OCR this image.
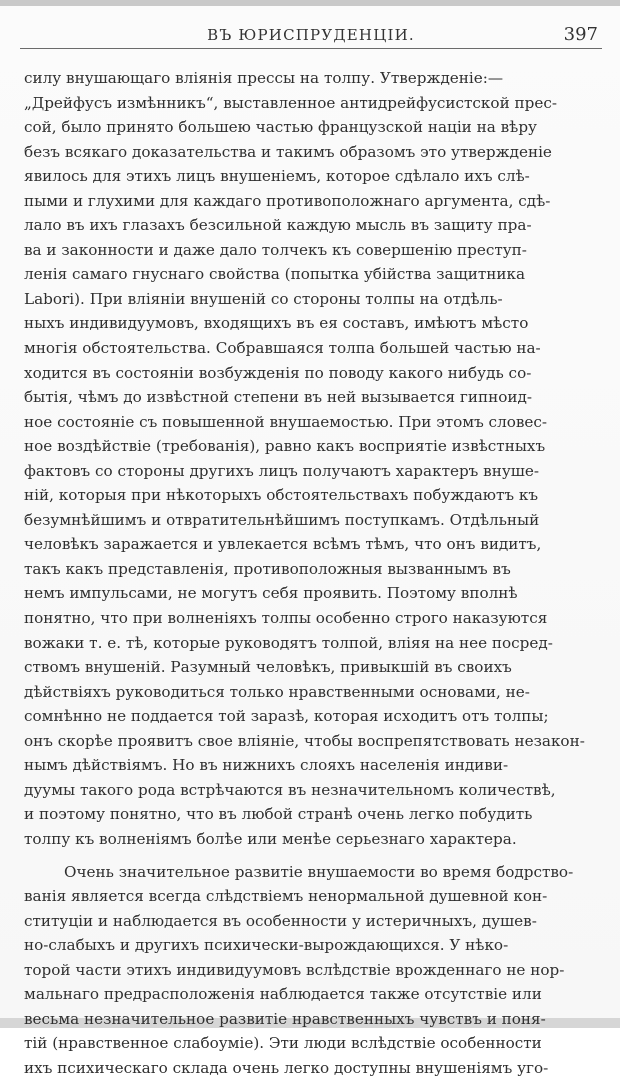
ВЪ ЮРИСПРУДЕНЦІИ.	397
силу внушающаго вліянія прессы на толпу. Утвержденіе:—
„Дрейфусъ измѣнникъ“, выставленное антидрейфусистской прес-
сой, было принято большею частью французской націи на вѣру
безъ всякаго доказательства и такимъ образомъ это утвержденіе
явилось для этихъ лицъ внушеніемъ, которое сдѣлало ихъ слѣ-
пыми и глухими для каждаго противоположнаго аргумента, сдѣ-
лало въ ихъ глазахъ безсильной каждую мысль въ защиту пра-
ва и законности и даже дало толчекъ къ совершенію преступ-
ленія самаго гнуснаго свойства (попытка убійства защитника
Labori). При вліяніи внушеній со стороны толпы на отдѣль-
ныхъ индивидуумовъ, входящихъ въ ея составъ, имѣютъ мѣсто
многія обстоятельства. Собравшаяся толпа большей частью на-
ходится въ состояніи возбужденія по поводу какого нибудь со-
бытія, чѣмъ до извѣстной степени въ ней вызывается гипноид-
ное состояніе съ повышенной внушаемостью. При этомъ словес-
ное воздѣйствіе (требованія), равно какъ восприятіе извѣстныхъ
фактовъ со стороны другихъ лицъ получаютъ характеръ внуше-
ній, которыя при нѣкоторыхъ обстоятельствахъ побуждаютъ къ
безумнѣйшимъ и отвратительнѣйшимъ поступкамъ. Отдѣльный
человѣкъ заражается и увлекается всѣмъ тѣмъ, что онъ видитъ,
такъ какъ представленія, противоположныя вызваннымъ въ
немъ импульсами, не могутъ себя проявить. Поэтому вполнѣ
понятно, что при волненіяхъ толпы особенно строго наказуются
вожаки т. е. тѣ, которые руководятъ толпой, вліяя на нее посред-
ствомъ внушеній. Разумный человѣкъ, привыкшій въ своихъ
дѣйствіяхъ руководиться только нравственными основами, не-
сомнѣнно не поддается той заразѣ, которая исходитъ отъ толпы;
онъ скорѣе проявитъ свое вліяніе, чтобы воспрепятствовать незакон-
нымъ дѣйствіямъ. Но въ нижнихъ слояхъ населенія индиви-
дуумы такого рода встрѣчаются въ незначительномъ количествѣ,
и поэтому понятно, что въ любой странѣ очень легко побудить
толпу къ волненіямъ болѣе или менѣе серьезнаго характера.
Очень значительное развитіе внушаемости во время бодрство-
ванія является всегда слѣдствіемъ ненормальной душевной кон-
ституціи и наблюдается въ особенности у истеричныхъ, душев-
но-слабыхъ и другихъ психически-вырождающихся. У нѣко-
торой части этихъ индивидуумовъ вслѣдствіе врожденнаго не нор-
мальнаго предрасположенія наблюдается также отсутствіе или
весьма незначительное развитіе нравственныхъ чувствъ и поня-
тій (нравственное слабоуміе). Эти люди вслѣдствіе особенности
ихъ психическаго склада очень легко доступны внушеніямъ уго-
